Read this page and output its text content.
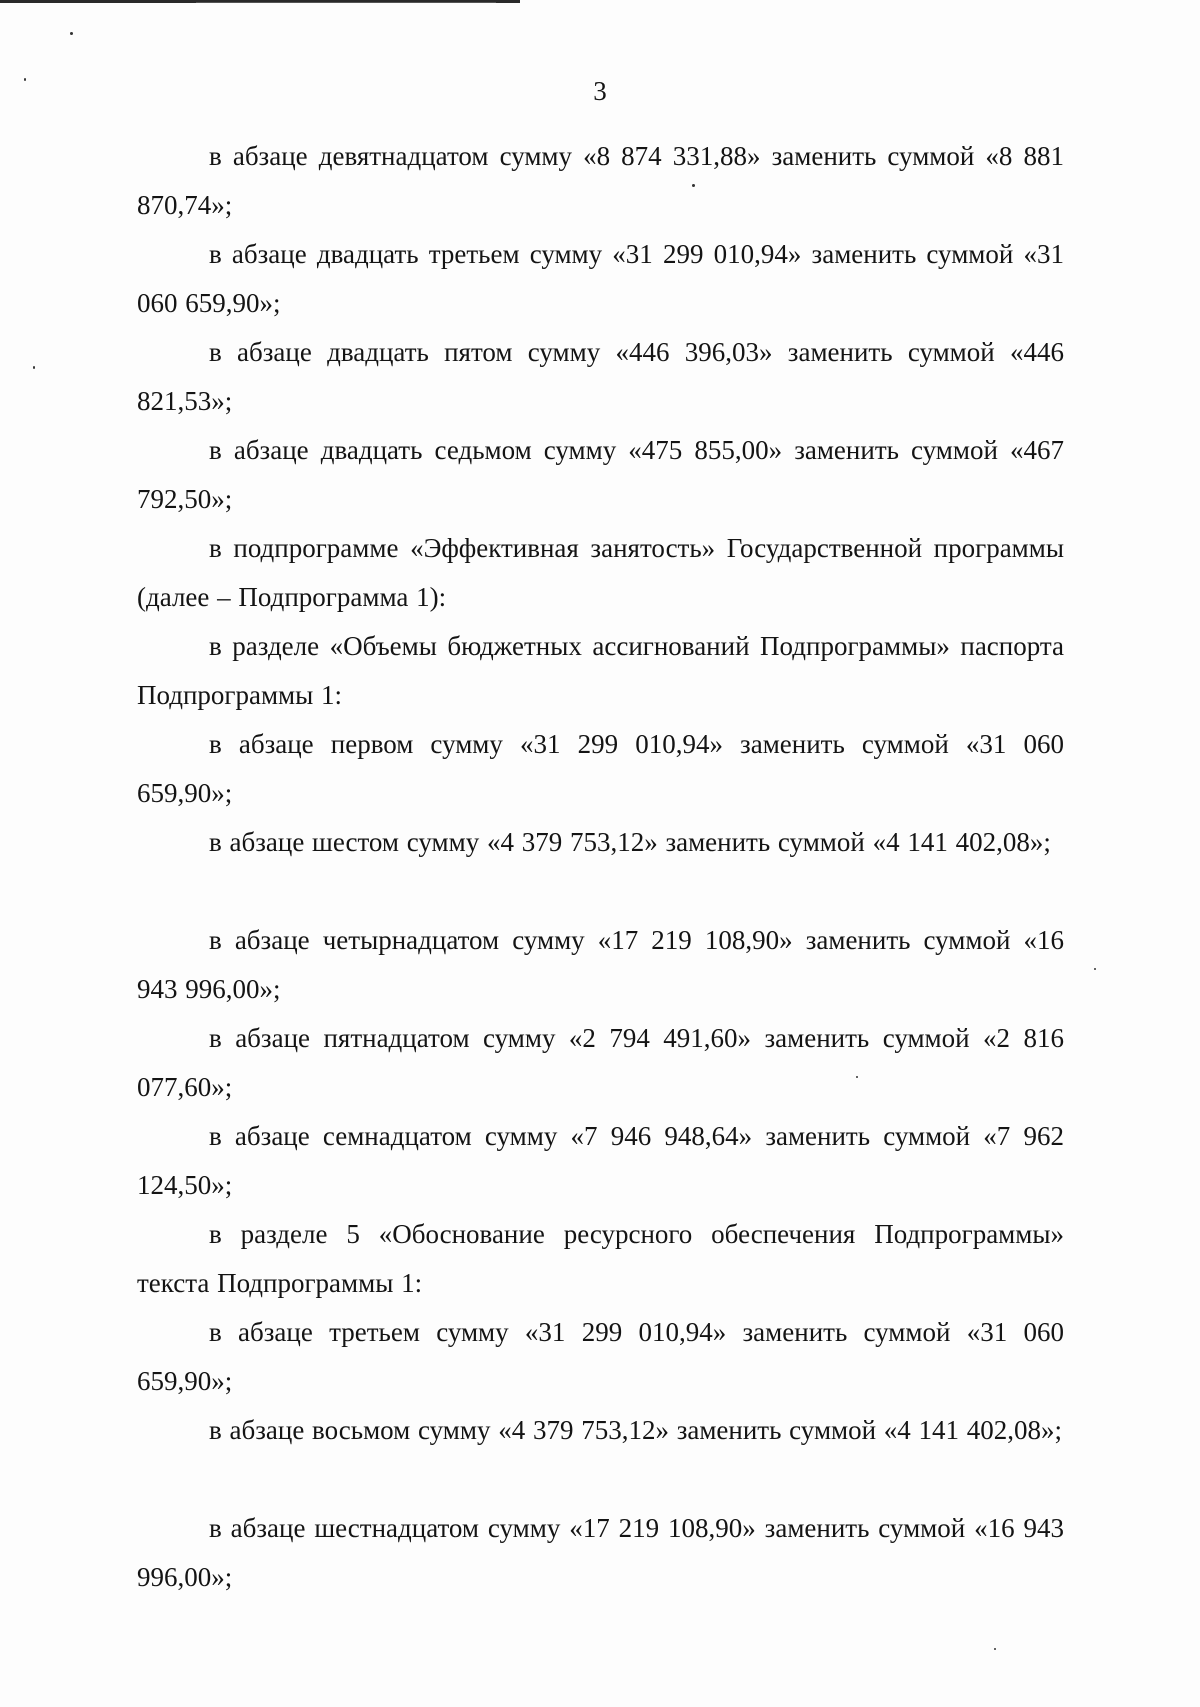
3

в абзаце девятнадцатом сумму «8 874 331,88» заменить суммой «8 881 870,74»;

в абзаце двадцать третьем сумму «31 299 010,94» заменить суммой «31 060 659,90»;

в абзаце двадцать пятом сумму «446 396,03» заменить суммой «446 821,53»;

в абзаце двадцать седьмом сумму «475 855,00» заменить суммой «467 792,50»;

в подпрограмме «Эффективная занятость» Государственной программы (далее – Подпрограмма 1):

в разделе «Объемы бюджетных ассигнований Подпрограммы» паспорта Подпрограммы 1:

в абзаце первом сумму «31 299 010,94» заменить суммой «31 060 659,90»;

в абзаце шестом сумму «4 379 753,12» заменить суммой «4 141 402,08»;

в абзаце четырнадцатом сумму «17 219 108,90» заменить суммой «16 943 996,00»;

в абзаце пятнадцатом сумму «2 794 491,60» заменить суммой «2 816 077,60»;

в абзаце семнадцатом сумму «7 946 948,64» заменить суммой «7 962 124,50»;

в разделе 5 «Обоснование ресурсного обеспечения Подпрограммы» текста Подпрограммы 1:

в абзаце третьем сумму «31 299 010,94» заменить суммой «31 060 659,90»;

в абзаце восьмом сумму «4 379 753,12» заменить суммой «4 141 402,08»;

в абзаце шестнадцатом сумму «17 219 108,90» заменить суммой «16 943 996,00»;
